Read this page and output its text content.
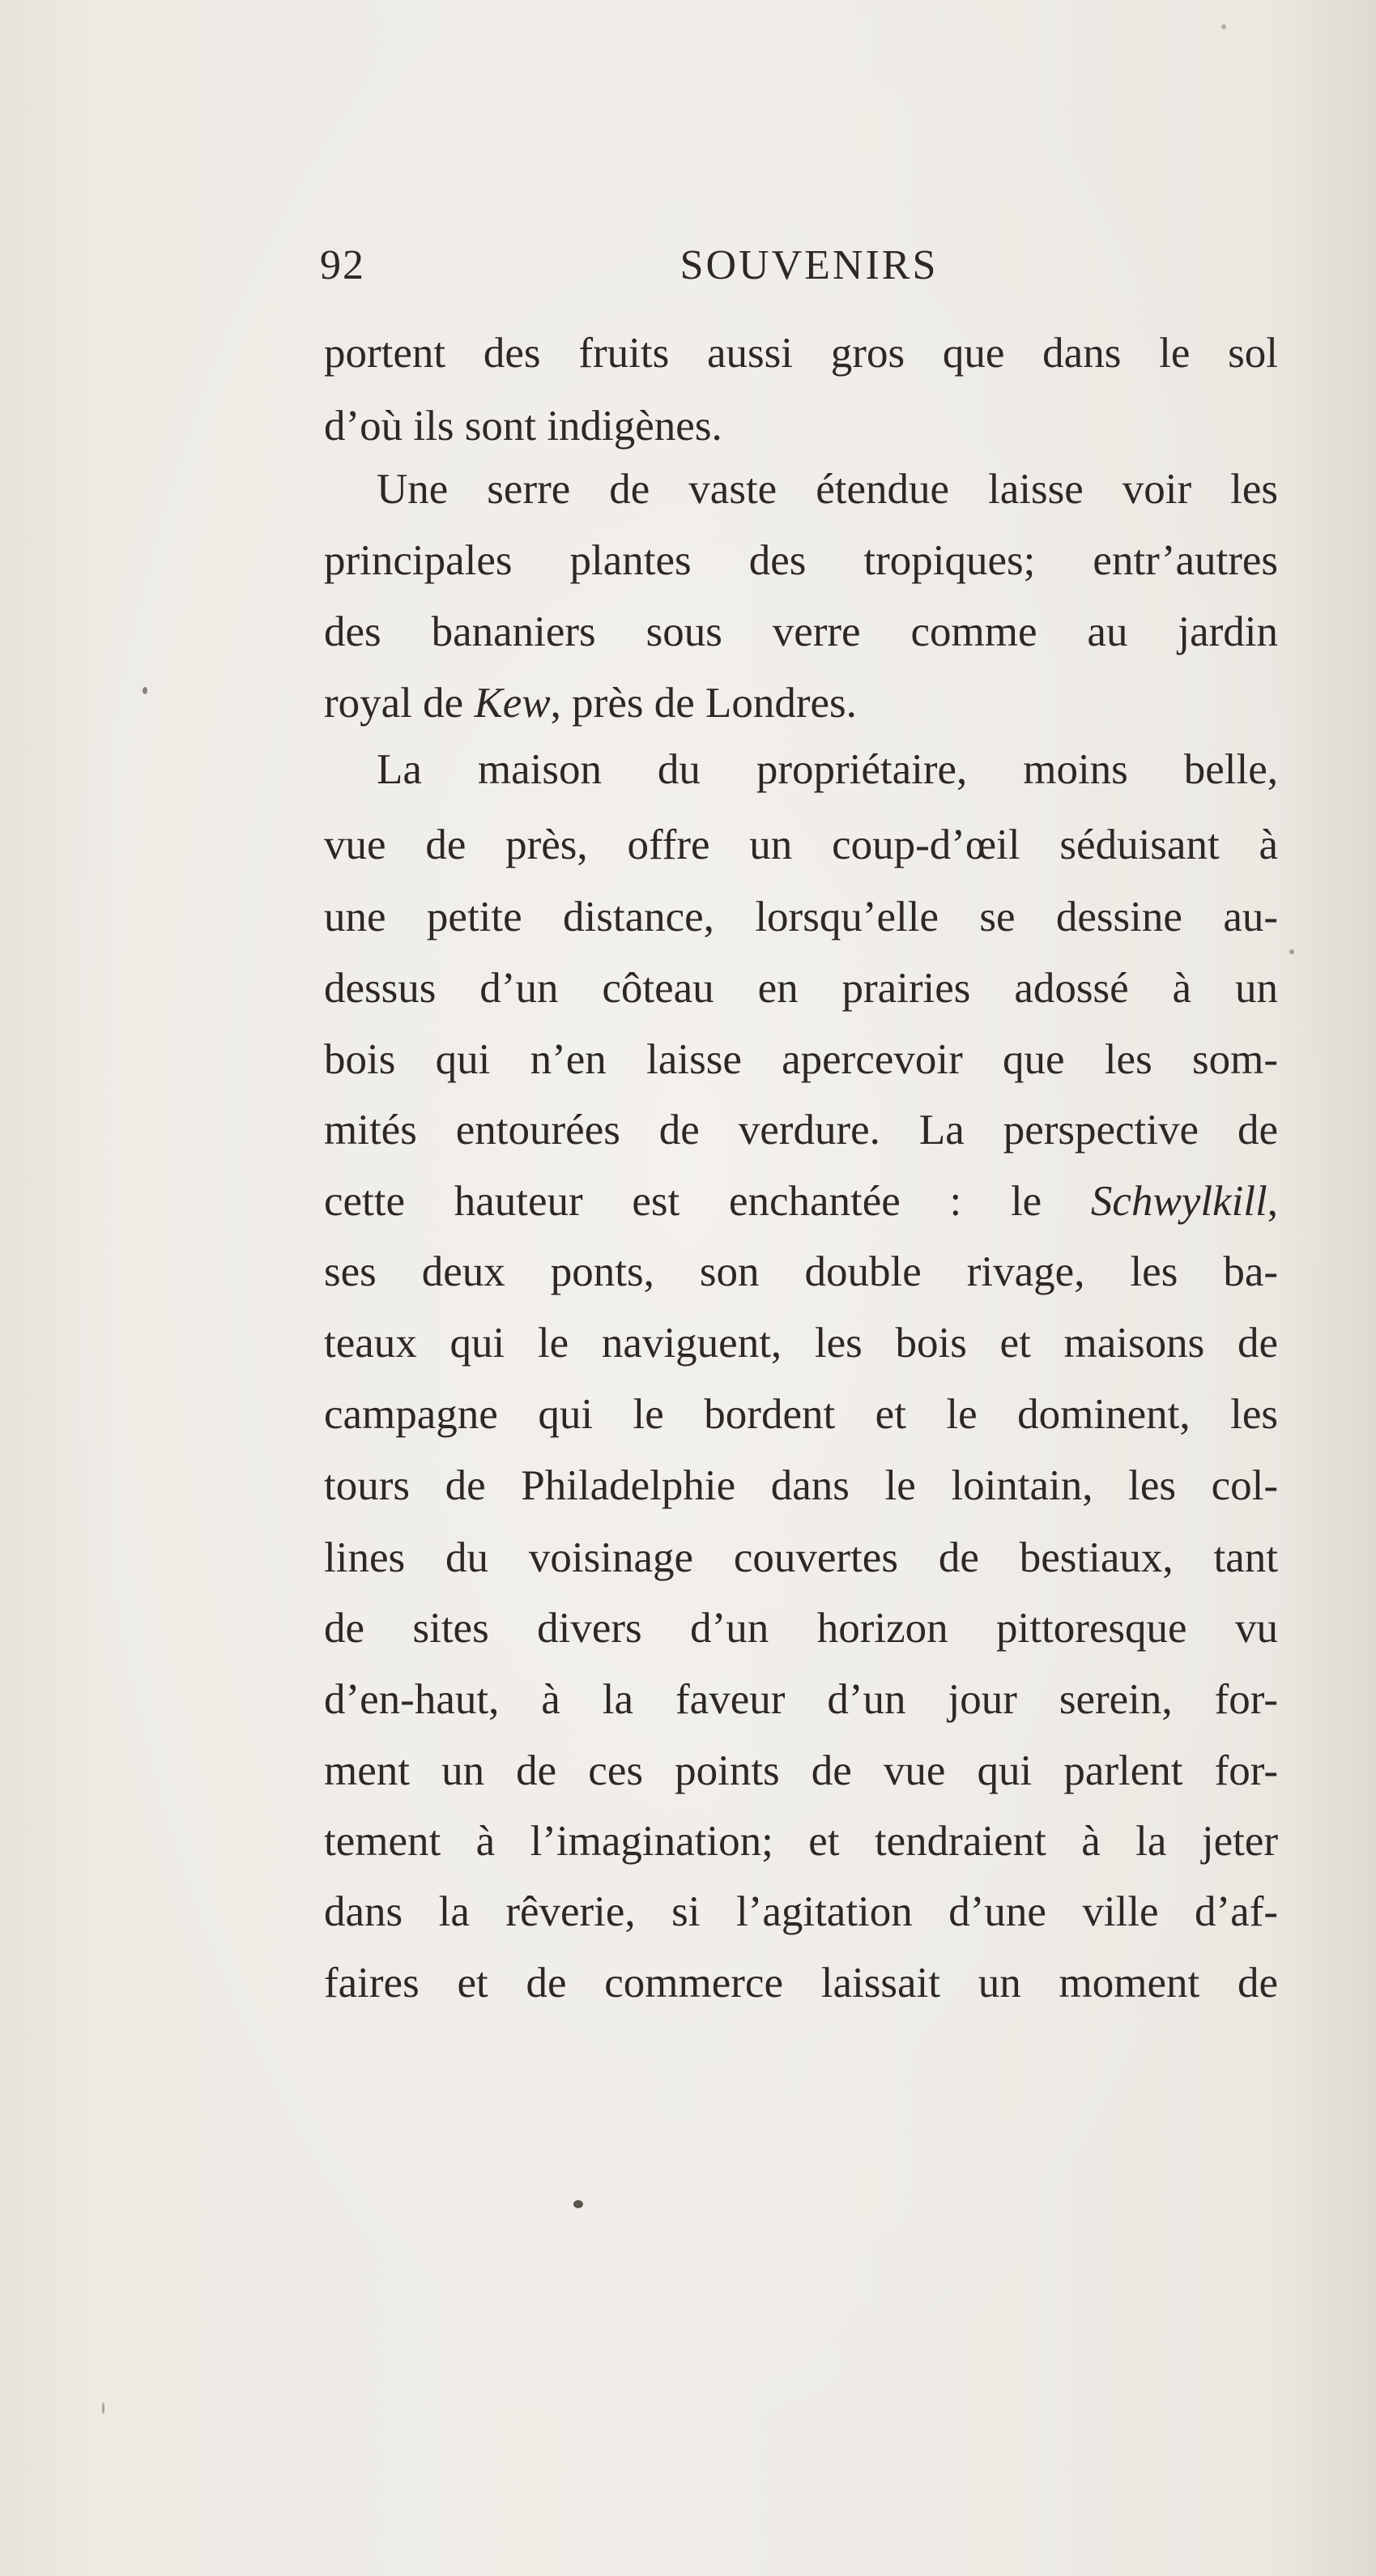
92	SOUVENIRS
portent des fruits aussi gros que dans le sol
d’où ils sont indigènes.
Une serre de vaste étendue laisse voir les
principales plantes des tropiques; entr’autres
des bananiers sous verre comme au jardin
royal de Kew, près de Londres.
La maison du propriétaire, moins belle,
vue de près, offre un coup-d’œil séduisant à
une petite distance, lorsqu’elle se dessine au-
dessus d’un côteau en prairies adossé à un
bois qui n’en laisse apercevoir que les som-
mités entourées de verdure. La perspective de
cette hauteur est enchantée : le Schwylkill,
ses deux ponts, son double rivage, les ba-
teaux qui le naviguent, les bois et maisons de
campagne qui le bordent et le dominent, les
tours de Philadelphie dans le lointain, les col-
lines du voisinage couvertes de bestiaux, tant
de sites divers d’un horizon pittoresque vu
d’en-haut, à la faveur d’un jour serein, for-
ment un de ces points de vue qui parlent for-
tement à l’imagination; et tendraient à la jeter
dans la rêverie, si l’agitation d’une ville d’af-
faires et de commerce laissait un moment de
